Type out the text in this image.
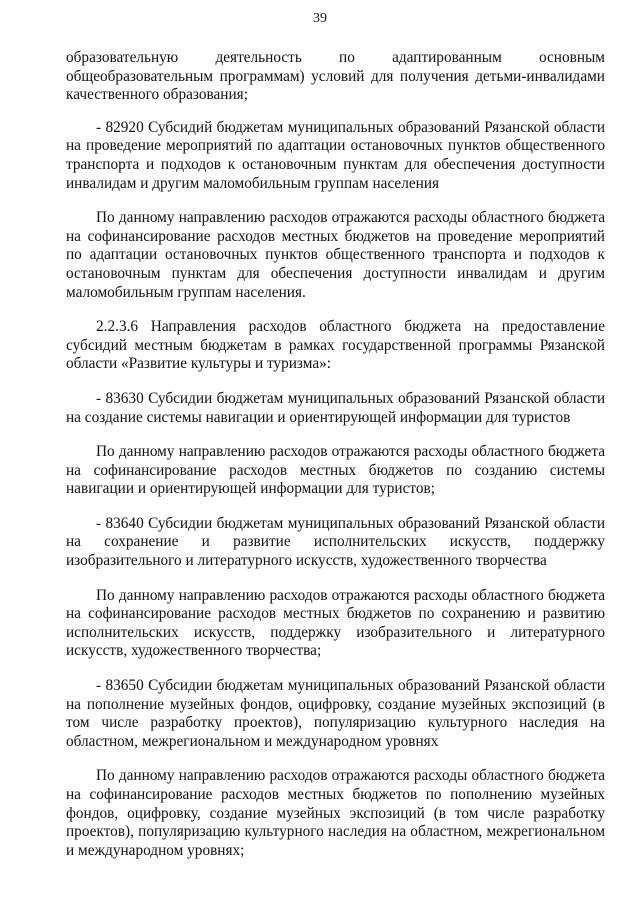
39

образовательную деятельность по адаптированным основным общеобразовательным программам) условий для получения детьми-инвалидами качественного образования;

- 82920 Субсидий бюджетам муниципальных образований Рязанской области на проведение мероприятий по адаптации остановочных пунктов общественного транспорта и подходов к остановочным пунктам для обеспечения доступности инвалидам и другим маломобильным группам населения

По данному направлению расходов отражаются расходы областного бюджета на софинансирование расходов местных бюджетов на проведение мероприятий по адаптации остановочных пунктов общественного транспорта и подходов к остановочным пунктам для обеспечения доступности инвалидам и другим маломобильным группам населения.

2.2.3.6 Направления расходов областного бюджета на предоставление субсидий местным бюджетам в рамках государственной программы Рязанской области «Развитие культуры и туризма»:

- 83630 Субсидии бюджетам муниципальных образований Рязанской области на создание системы навигации и ориентирующей информации для туристов

По данному направлению расходов отражаются расходы областного бюджета на софинансирование расходов местных бюджетов по созданию системы навигации и ориентирующей информации для туристов;

- 83640 Субсидии бюджетам муниципальных образований Рязанской области на сохранение и развитие исполнительских искусств, поддержку изобразительного и литературного искусств, художественного творчества

По данному направлению расходов отражаются расходы областного бюджета на софинансирование расходов местных бюджетов по сохранению и развитию исполнительских искусств, поддержку изобразительного и литературного искусств, художественного творчества;

- 83650 Субсидии бюджетам муниципальных образований Рязанской области на пополнение музейных фондов, оцифровку, создание музейных экспозиций (в том числе разработку проектов), популяризацию культурного наследия на областном, межрегиональном и международном уровнях

По данному направлению расходов отражаются расходы областного бюджета на софинансирование расходов местных бюджетов по пополнению музейных фондов, оцифровку, создание музейных экспозиций (в том числе разработку проектов), популяризацию культурного наследия на областном, межрегиональном и международном уровнях;
